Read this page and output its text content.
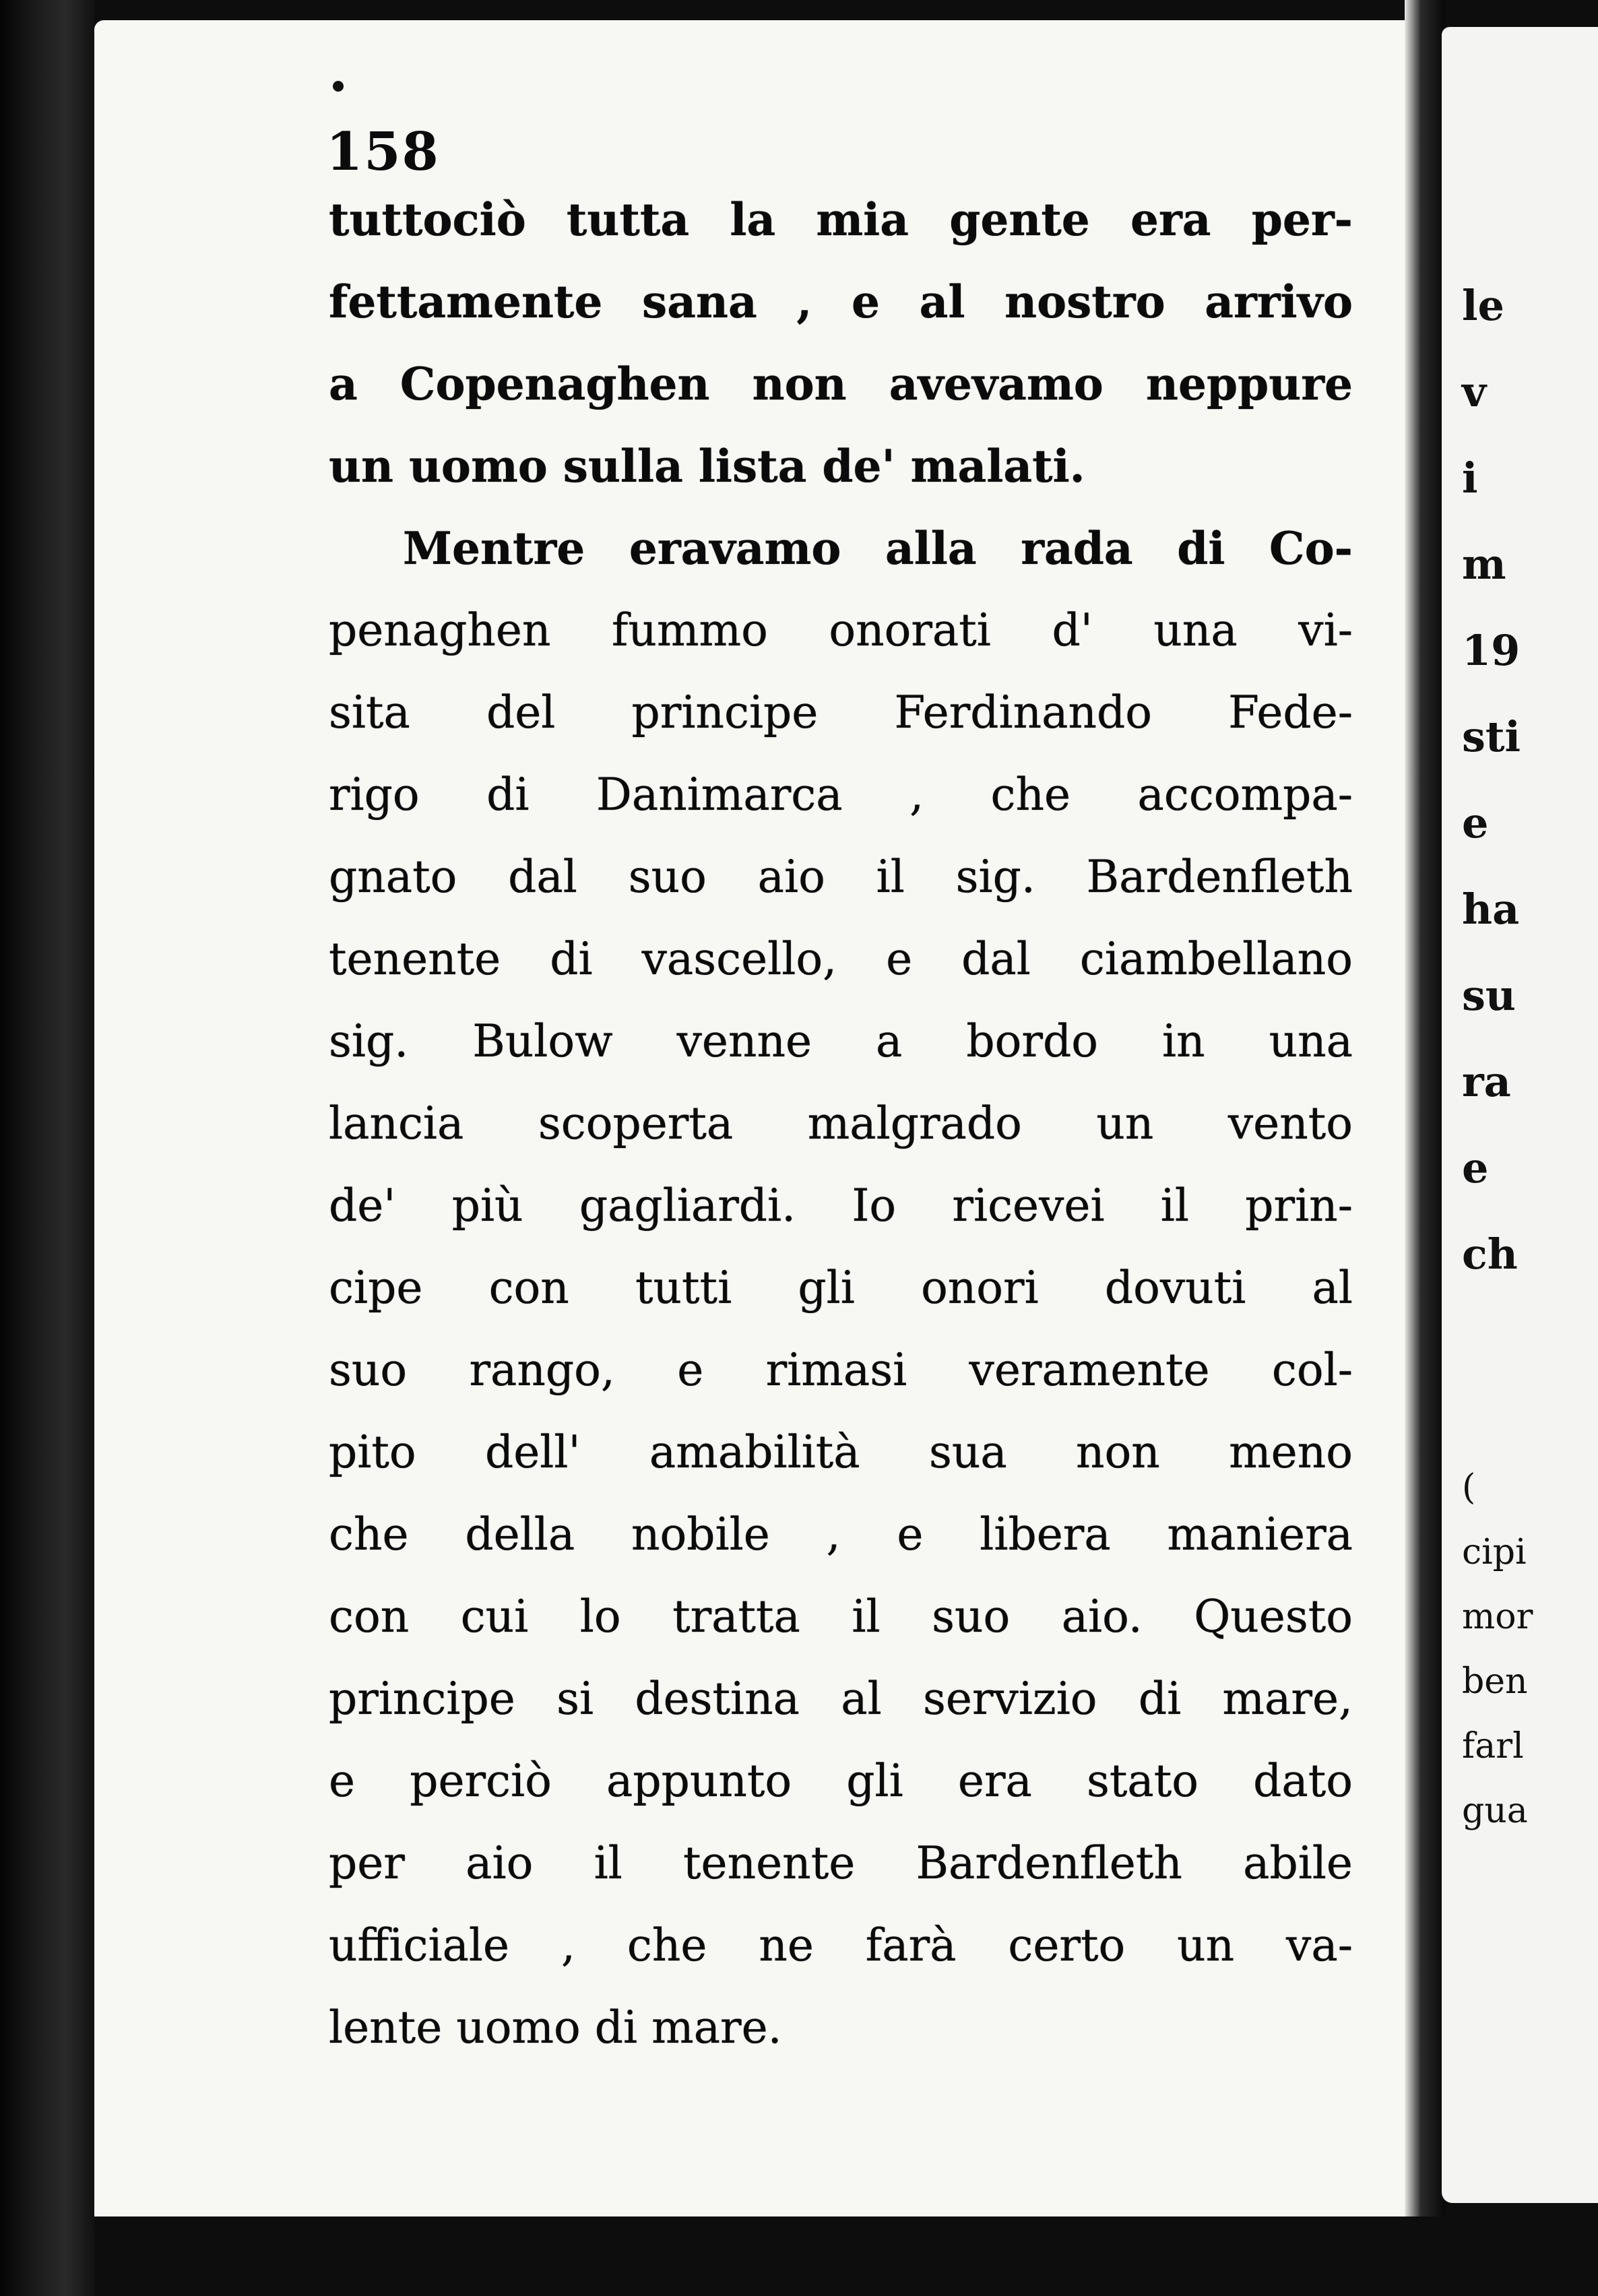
158
tuttociò tutta la mia gente era per-
fettamente sana , e al nostro arrivo
a Copenaghen non avevamo neppure
un uomo sulla lista de' malati.
Mentre eravamo alla rada di Co-
penaghen fummo onorati d' una vi-
sita del principe Ferdinando Fede-
rigo di Danimarca , che accompa-
gnato dal suo aio il sig. Bardenfleth
tenente di vascello, e dal ciambellano
sig. Bulow venne a bordo in una
lancia scoperta malgrado un vento
de' più gagliardi. Io ricevei il prin-
cipe con tutti gli onori dovuti al
suo rango, e rimasi veramente col-
pito dell' amabilità sua non meno
che della nobile , e libera maniera
con cui lo tratta il suo aio. Questo
principe si destina al servizio di mare,
e perciò appunto gli era stato dato
per aio il tenente Bardenfleth abile
ufficiale , che ne farà certo un va-
lente uomo di mare.
le
v
i
m
19
sti
e
ha
su
ra
e
ch
(
cipi
mor
ben
farl
gua
